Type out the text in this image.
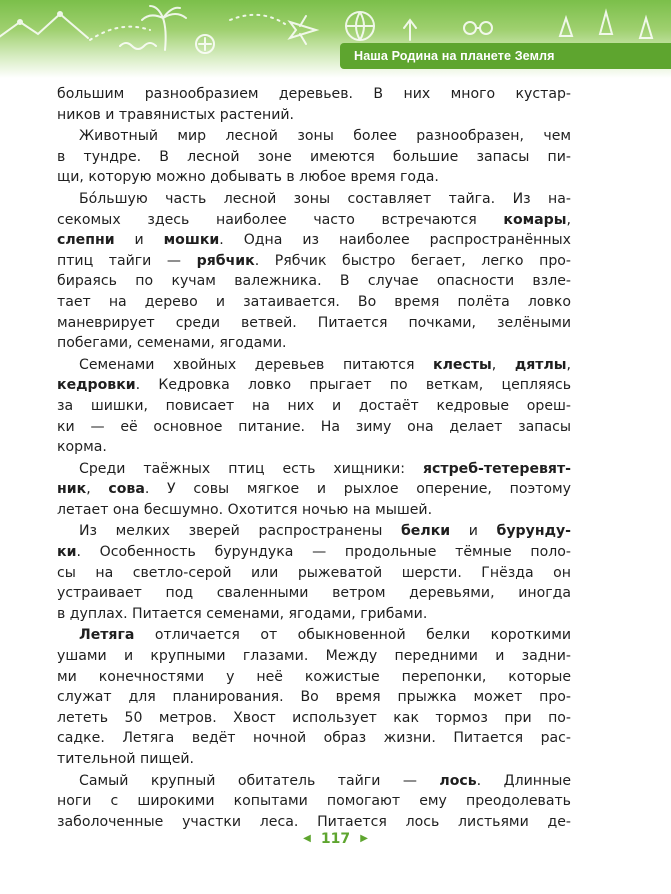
Наша Родина на планете Земля
большим разнообразием деревьев. В них много кустар-
ников и травянистых растений.
Животный мир лесной зоны более разнообразен, чем
в тундре. В лесной зоне имеются большие запасы пи-
щи, которую можно добывать в любое время года.
Бо́льшую часть лесной зоны составляет тайга. Из на-
секомых здесь наиболее часто встречаются комары,
слепни и мошки. Одна из наиболее распространённых
птиц тайги — рябчик. Рябчик быстро бегает, легко про-
бираясь по кучам валежника. В случае опасности взле-
тает на дерево и затаивается. Во время полёта ловко
маневрирует среди ветвей. Питается почками, зелёными
побегами, семенами, ягодами.
Семенами хвойных деревьев питаются клесты, дятлы,
кедровки. Кедровка ловко прыгает по веткам, цепляясь
за шишки, повисает на них и достаёт кедровые ореш-
ки — её основное питание. На зиму она делает запасы
корма.
Среди таёжных птиц есть хищники: ястреб-тетеревят-
ник, сова. У совы мягкое и рыхлое оперение, поэтому
летает она бесшумно. Охотится ночью на мышей.
Из мелких зверей распространены белки и бурунду-
ки. Особенность бурундука — продольные тёмные поло-
сы на светло-серой или рыжеватой шерсти. Гнёзда он
устраивает под сваленными ветром деревьями, иногда
в дуплах. Питается семенами, ягодами, грибами.
Летяга отличается от обыкновенной белки короткими
ушами и крупными глазами. Между передними и задни-
ми конечностями у неё кожистые перепонки, которые
служат для планирования. Во время прыжка может про-
лететь 50 метров. Хвост использует как тормоз при по-
садке. Летяга ведёт ночной образ жизни. Питается рас-
тительной пищей.
Самый крупный обитатель тайги — лось. Длинные
ноги с широкими копытами помогают ему преодолевать
заболоченные участки леса. Питается лось листьями де-
◀ 117 ▶
